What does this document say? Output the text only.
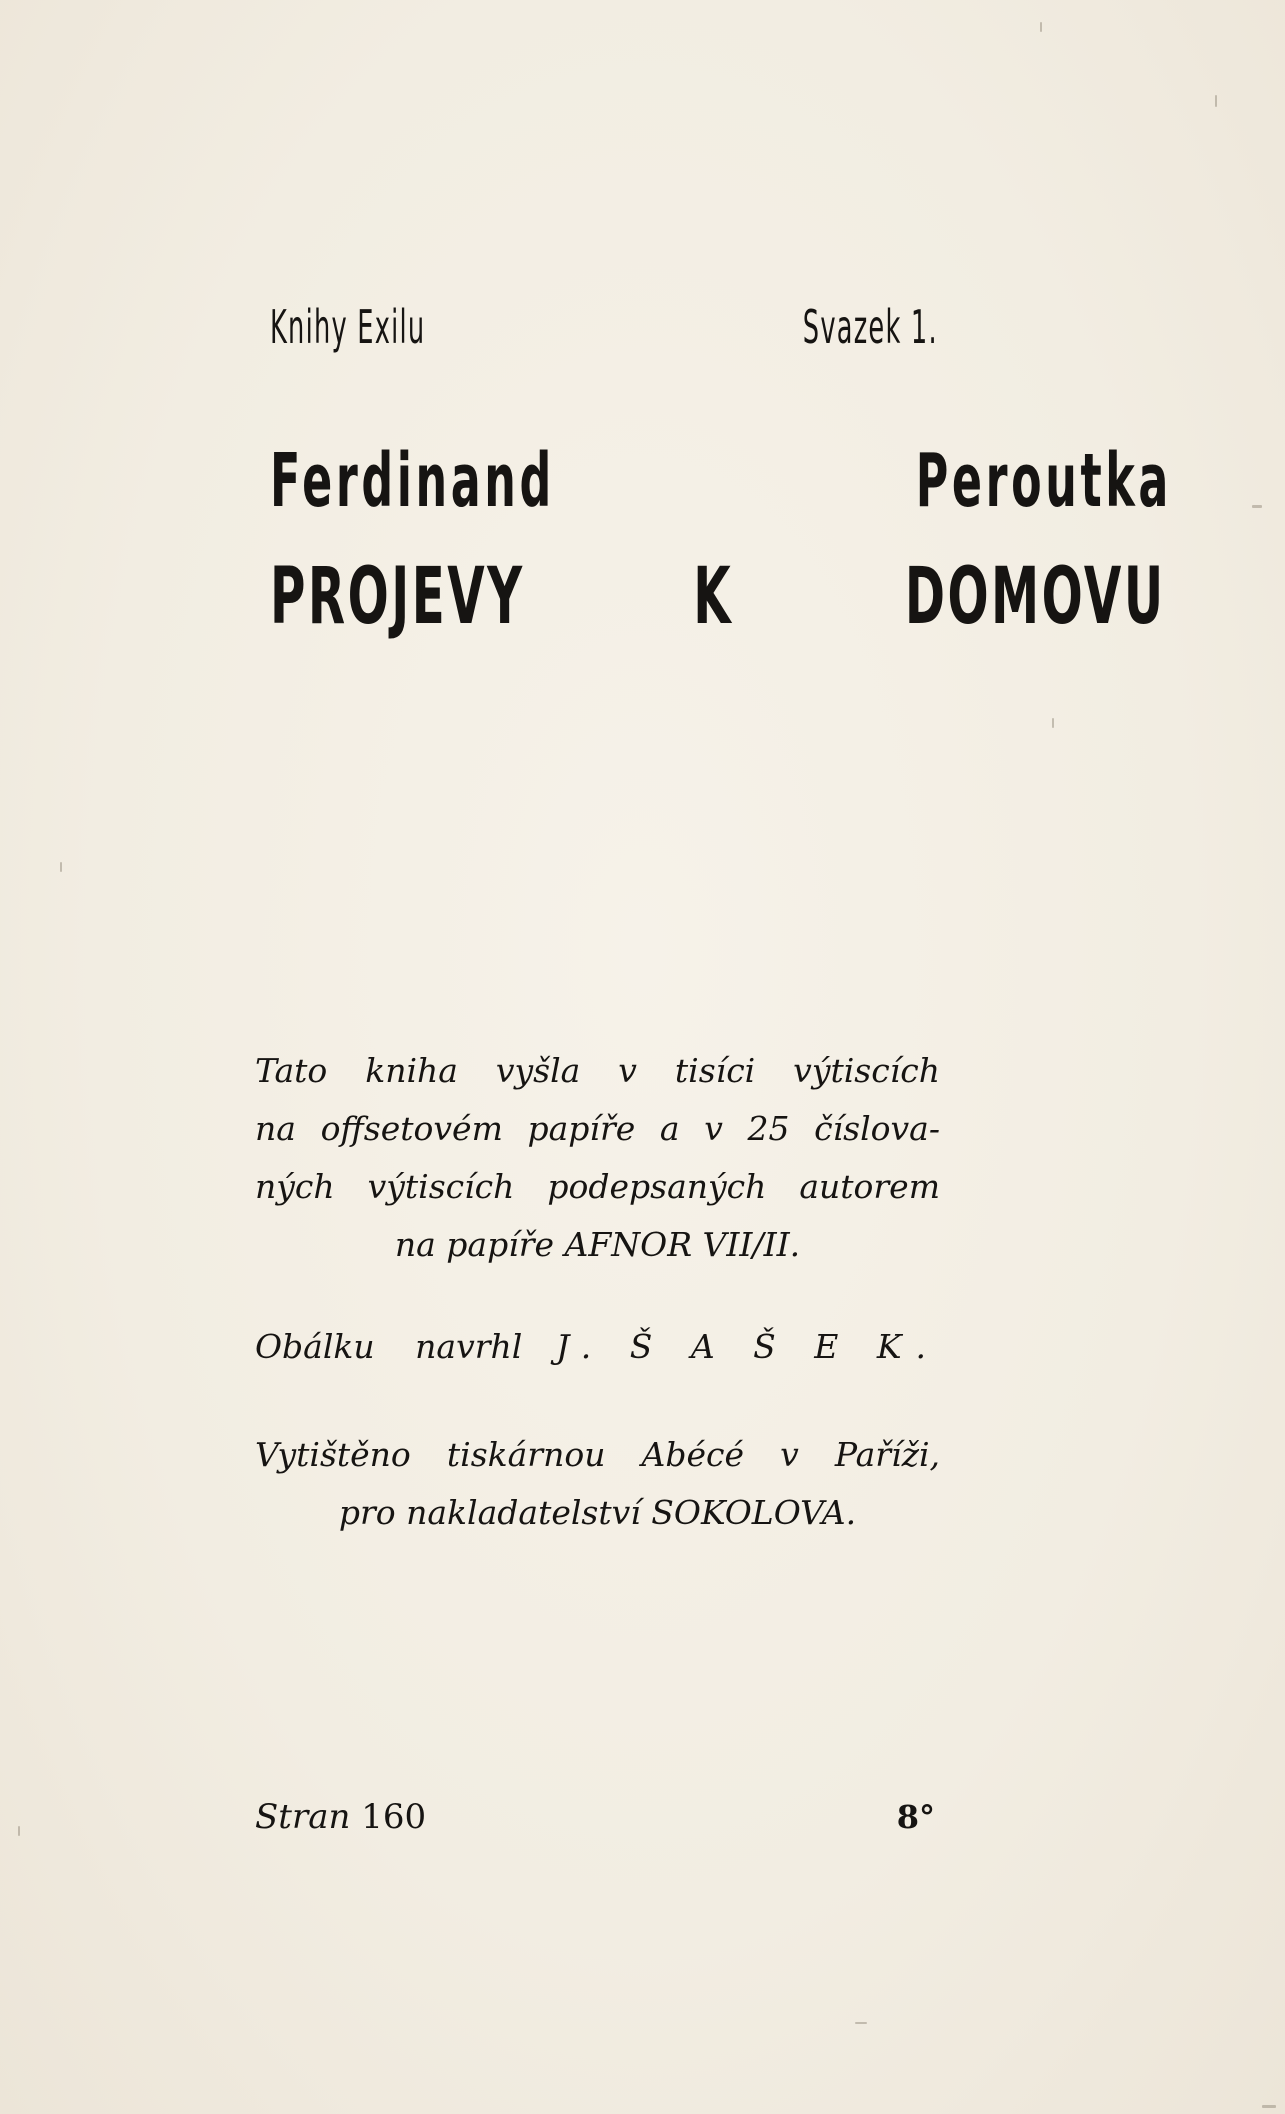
Knihy Exilu	Svazek 1.
Ferdinand	Peroutka
PROJEVY K DOMOVU
Tato kniha vyšla v tisíci výtiscích
na offsetovém papíře a v 25 číslova-
ných výtiscích podepsaných autorem
na papíře AFNOR VII/II.
Obálku navrhl J. Š A Š E K.
Vytištěno tiskárnou Abécé v Paříži,
pro nakladatelství SOKOLOVA.
Stran 160	8°
